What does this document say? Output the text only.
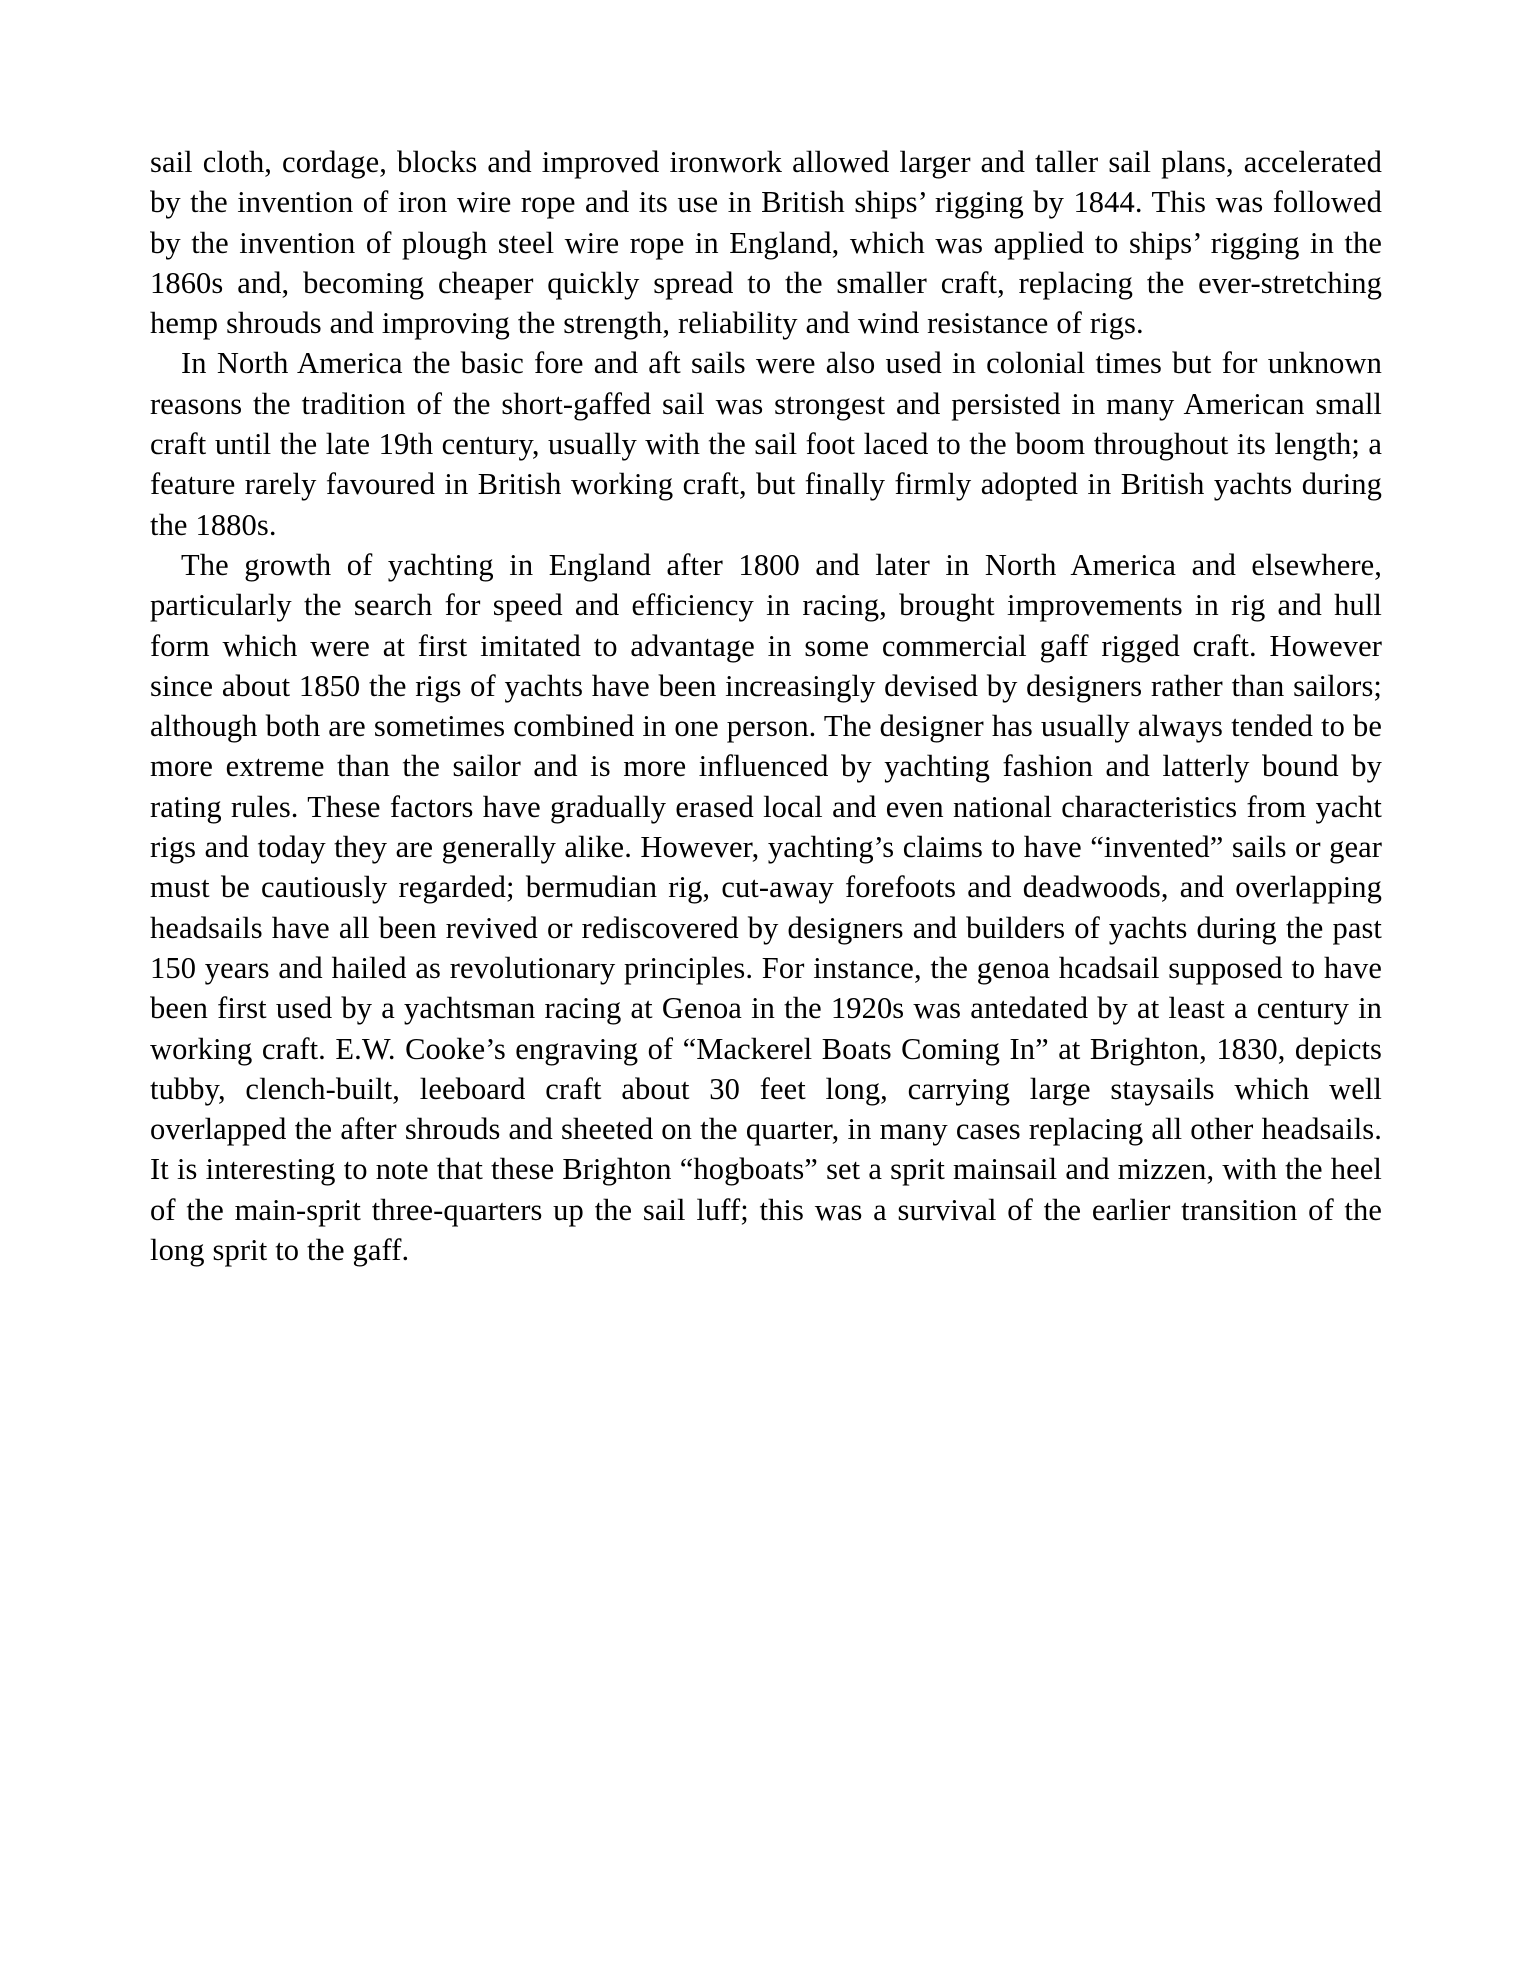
sail cloth, cordage, blocks and improved ironwork allowed larger and taller sail plans, accelerated by the invention of iron wire rope and its use in British ships’ rigging by 1844. This was followed by the invention of plough steel wire rope in England, which was applied to ships’ rigging in the 1860s and, becoming cheaper quickly spread to the smaller craft, replacing the ever-stretching hemp shrouds and improving the strength, reliability and wind resistance of rigs.

In North America the basic fore and aft sails were also used in colonial times but for unknown reasons the tradition of the short-gaffed sail was strongest and persisted in many American small craft until the late 19th century, usually with the sail foot laced to the boom throughout its length; a feature rarely favoured in British working craft, but finally firmly adopted in British yachts during the 1880s.

The growth of yachting in England after 1800 and later in North America and elsewhere, particularly the search for speed and efficiency in racing, brought improvements in rig and hull form which were at first imitated to advantage in some commercial gaff rigged craft. However since about 1850 the rigs of yachts have been increasingly devised by designers rather than sailors; although both are sometimes combined in one person. The designer has usually always tended to be more extreme than the sailor and is more influenced by yachting fashion and latterly bound by rating rules. These factors have gradually erased local and even national characteristics from yacht rigs and today they are generally alike. However, yachting’s claims to have “invented” sails or gear must be cautiously regarded; bermudian rig, cut-away forefoots and deadwoods, and overlapping headsails have all been revived or rediscovered by designers and builders of yachts during the past 150 years and hailed as revolutionary principles. For instance, the genoa hcadsail supposed to have been first used by a yachtsman racing at Genoa in the 1920s was antedated by at least a century in working craft. E.W. Cooke’s engraving of “Mackerel Boats Coming In” at Brighton, 1830, depicts tubby, clench-built, leeboard craft about 30 feet long, carrying large staysails which well overlapped the after shrouds and sheeted on the quarter, in many cases replacing all other headsails. It is interesting to note that these Brighton “hogboats” set a sprit mainsail and mizzen, with the heel of the main-sprit three-quarters up the sail luff; this was a survival of the earlier transition of the long sprit to the gaff.
